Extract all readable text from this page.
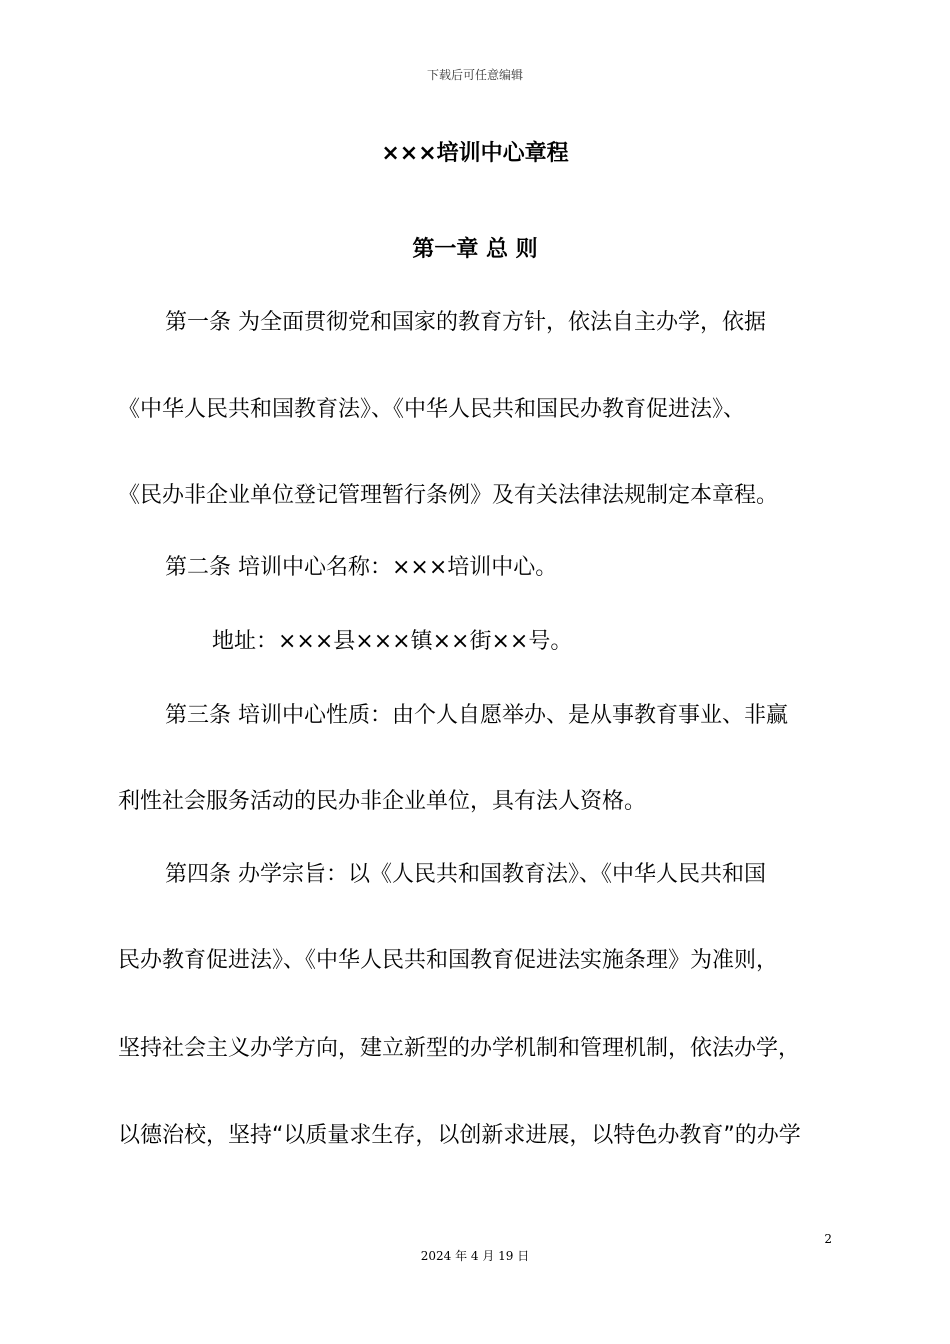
下载后可任意编辑
×××培训中心章程
第一章 总 则
第一条 为全面贯彻党和国家的教育方针，依法自主办学，依据
《中华人民共和国教育法》、《中华人民共和国民办教育促进法》、
《民办非企业单位登记管理暂行条例》及有关法律法规制定本章程。
第二条 培训中心名称：×××培训中心。
地址：×××县×××镇××街××号。
第三条 培训中心性质：由个人自愿举办、是从事教育事业、非赢
利性社会服务活动的民办非企业单位，具有法人资格。
第四条 办学宗旨：以《人民共和国教育法》、《中华人民共和国
民办教育促进法》、《中华人民共和国教育促进法实施条理》为准则，
坚持社会主义办学方向，建立新型的办学机制和管理机制，依法办学，
以德治校，坚持“以质量求生存，以创新求进展，以特色办教育”的办学
2
2024 年 4 月 19 日
